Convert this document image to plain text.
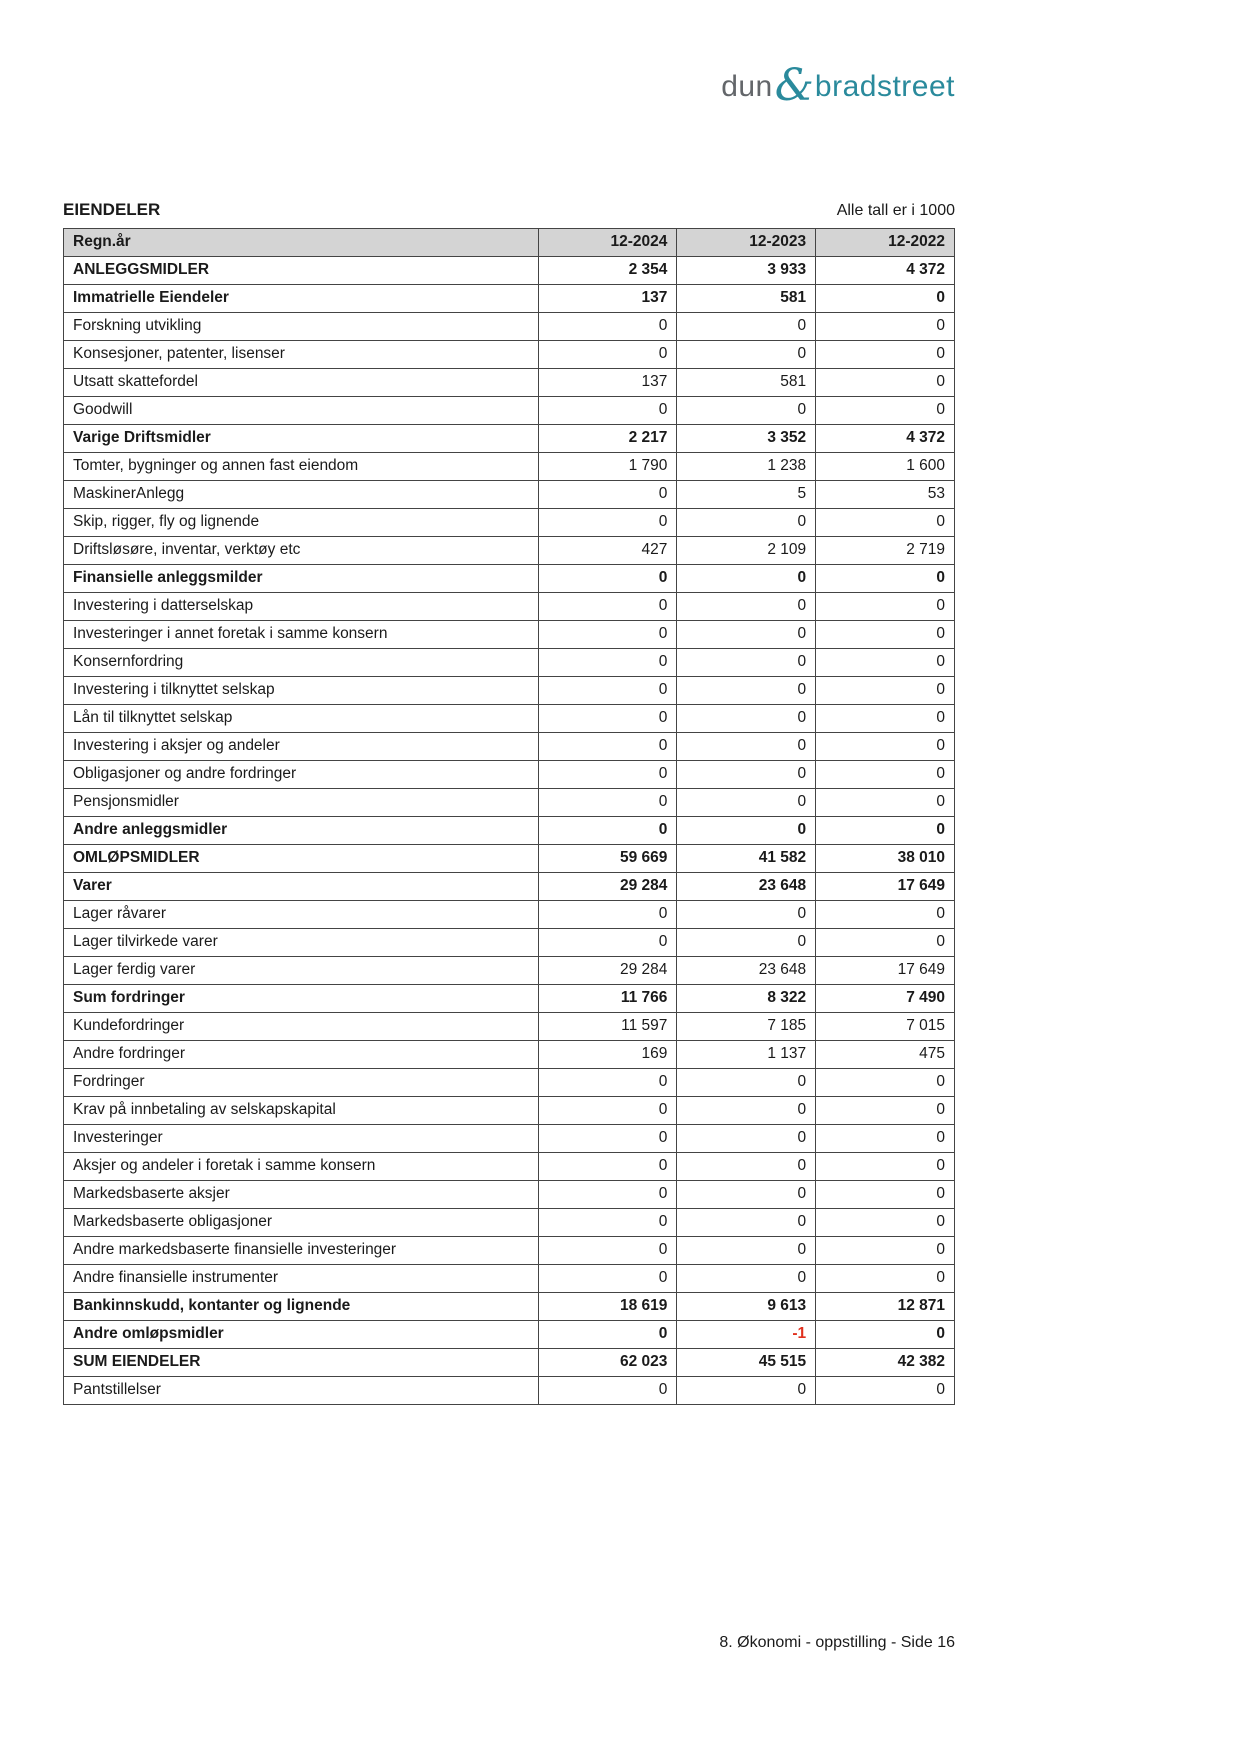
dun & bradstreet
EIENDELER	Alle tall er i 1000
Regn.år	12-2024	12-2023	12-2022
ANLEGGSMIDLER	2 354	3 933	4 372
Immatrielle Eiendeler	137	581	0
Forskning utvikling	0	0	0
Konsesjoner, patenter, lisenser	0	0	0
Utsatt skattefordel	137	581	0
Goodwill	0	0	0
Varige Driftsmidler	2 217	3 352	4 372
Tomter, bygninger og annen fast eiendom	1 790	1 238	1 600
MaskinerAnlegg	0	5	53
Skip, rigger, fly og lignende	0	0	0
Driftsløsøre, inventar, verktøy etc	427	2 109	2 719
Finansielle anleggsmilder	0	0	0
Investering i datterselskap	0	0	0
Investeringer i annet foretak i samme konsern	0	0	0
Konsernfordring	0	0	0
Investering i tilknyttet selskap	0	0	0
Lån til tilknyttet selskap	0	0	0
Investering i aksjer og andeler	0	0	0
Obligasjoner og andre fordringer	0	0	0
Pensjonsmidler	0	0	0
Andre anleggsmidler	0	0	0
OMLØPSMIDLER	59 669	41 582	38 010
Varer	29 284	23 648	17 649
Lager råvarer	0	0	0
Lager tilvirkede varer	0	0	0
Lager ferdig varer	29 284	23 648	17 649
Sum fordringer	11 766	8 322	7 490
Kundefordringer	11 597	7 185	7 015
Andre fordringer	169	1 137	475
Fordringer	0	0	0
Krav på innbetaling av selskapskapital	0	0	0
Investeringer	0	0	0
Aksjer og andeler i foretak i samme konsern	0	0	0
Markedsbaserte aksjer	0	0	0
Markedsbaserte obligasjoner	0	0	0
Andre markedsbaserte finansielle investeringer	0	0	0
Andre finansielle instrumenter	0	0	0
Bankinnskudd, kontanter og lignende	18 619	9 613	12 871
Andre omløpsmidler	0	-1	0
SUM EIENDELER	62 023	45 515	42 382
Pantstillelser	0	0	0
8. Økonomi - oppstilling - Side 16
